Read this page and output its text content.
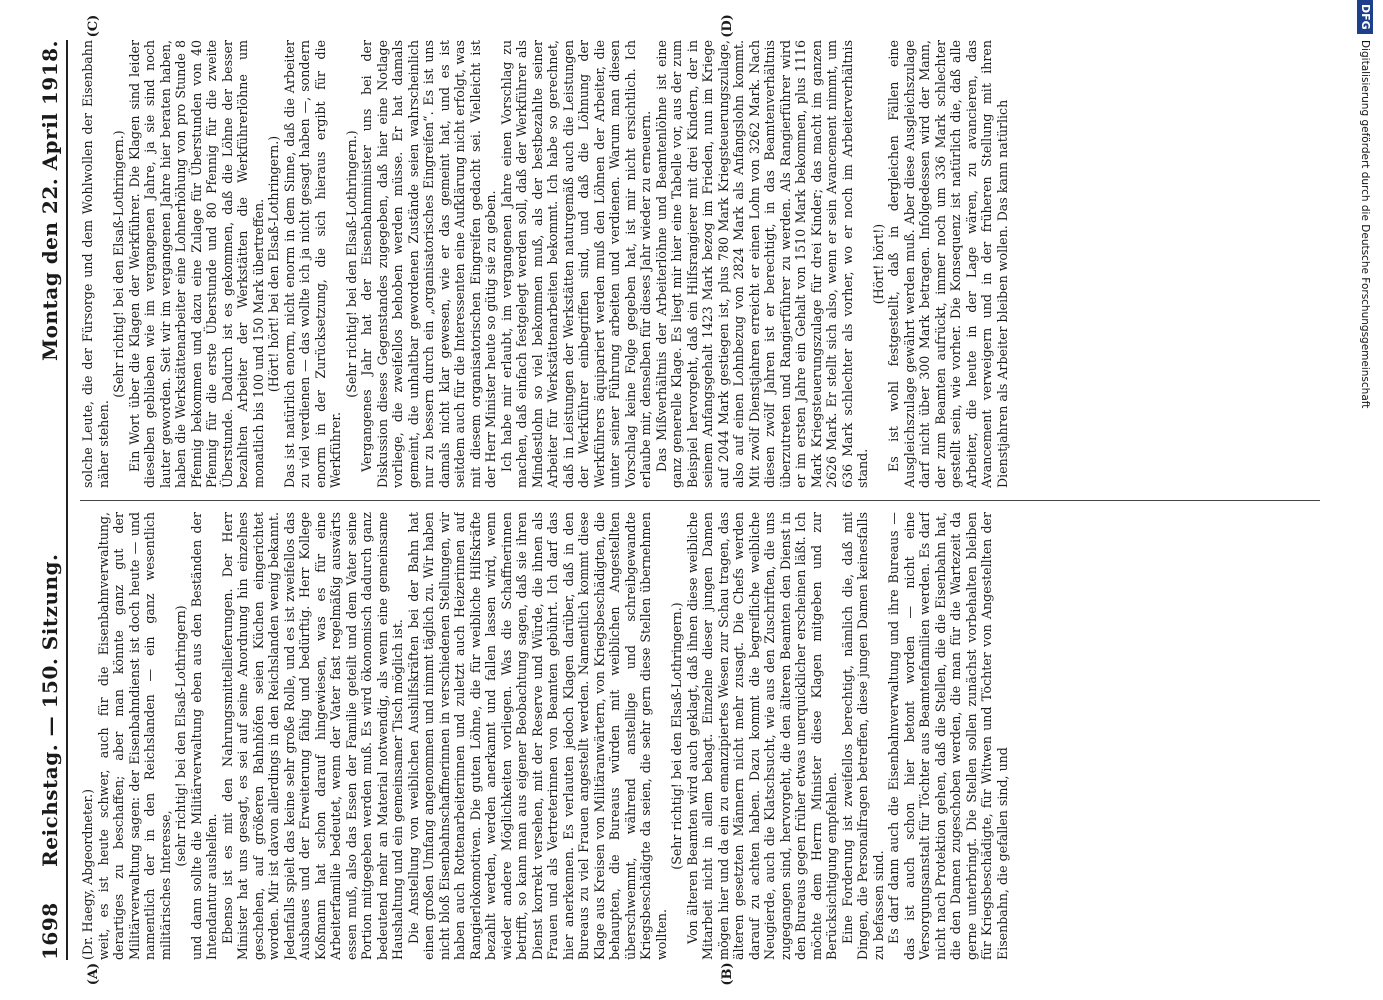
1698 Reichstag. — 150. Sitzung.
Montag den 22. April 1918.
(A)	(B)
(C)	(D)

(Dr. Haegy, Abgeordneter.) weit, es ist heute schwer, auch für die Eisenbahnverwaltung, derartiges zu beschaffen; aber man könnte ganz gut der Militärverwaltung sagen: der Eisenbahndienst ist doch heute — und namentlich der in den Reichslanden — ein ganz wesentlich militärisches Interesse,

(sehr richtig! bei den Elsaß-Lothringern) und dann sollte die Militärverwaltung eben aus den Beständen der Intendantur aushelfen. Ebenso ist es mit den Nahrungsmittellieferungen. Der Herr Minister hat uns gesagt, es sei auf seine Anordnung hin einzelnes geschehen, auf größeren Bahnhöfen seien Küchen eingerichtet worden. Mir ist davon allerdings in den Reichslanden wenig bekannt. Jedenfalls spielt das keine sehr große Rolle, und es ist zweifellos das Ausbaues und der Erweiterung fähig und bedürftig. Herr Kollege Koßmann hat schon darauf hingewiesen, was es für eine Arbeiterfamilie bedeutet, wenn der Vater fast regelmäßig auswärts essen muß, also das Essen der Familie geteilt und dem Vater seine Portion mitgegeben werden muß. Es wird ökonomisch dadurch ganz bedeutend mehr an Material notwendig, als wenn eine gemeinsame Haushaltung und ein gemeinsamer Tisch möglich ist. Die Anstellung von weiblichen Aushilfskräften bei der Bahn hat einen großen Umfang angenommen und nimmt täglich zu. Wir haben nicht bloß Eisenbahnschaffnerinnen in verschiedenen Stellungen, wir haben auch Rottenarbeiterinnen und zuletzt auch Heizerinnen auf Rangierlokomotiven. Die guten Löhne, die für weibliche Hilfskräfte bezahlt werden, werden anerkannt und fallen lassen wird, wenn wieder andere Möglichkeiten vorliegen. Was die Schaffnerinnen betrifft, so kann man aus eigener Beobachtung sagen, daß sie ihren Dienst korrekt versehen, mit der Reserve und Würde, die ihnen als Frauen und als Vertreterinnen von Beamten gebührt. Ich darf das hier anerkennen. Es verlauten jedoch Klagen darüber, daß in den Bureaus zu viel Frauen angestellt werden. Namentlich kommt diese Klage aus Kreisen von Militäranwärtern, von Kriegsbeschädigten, die behaupten, die Bureaus würden mit weiblichen Angestellten überschwemmt, während anstellige und schreibgewandte Kriegsbeschädigte da seien, die sehr gern diese Stellen übernehmen wollten.

(Sehr richtig! bei den Elsaß-Lothringern.) Von älteren Beamten wird auch geklagt, daß ihnen diese weibliche Mitarbeit nicht in allem behagt. Einzelne dieser jungen Damen mögen hier und da ein zu emanzipiertes Wesen zur Schau tragen, das älteren gesetzten Männern nicht mehr zusagt. Die Chefs werden darauf zu achten haben. Dazu kommt die begreifliche weibliche Neugierde, auch die Klatschsucht, wie aus den Zuschriften, die uns zugegangen sind, hervorgeht, die den älteren Beamten den Dienst in den Bureaus gegen früher etwas unerquicklicher erscheinen läßt. Ich möchte dem Herrn Minister diese Klagen mitgeben und zur Berücksichtigung empfehlen. Eine Forderung ist zweifellos berechtigt, nämlich die, daß mit Dingen, die Personalfragen betreffen, diese jungen Damen keinesfalls zu befassen sind. Es darf dann auch die Eisenbahnverwaltung und ihre Bureaus — das ist auch schon hier betont worden — nicht eine Versorgungsanstalt für Töchter aus Beamtenfamilien werden. Es darf nicht nach Protektion gehen, daß die Stellen, die die Eisenbahn hat, die den Damen zugeschoben werden, die man für die Wartezeit da gerne unterbringt. Die Stellen sollen zunächst vorbehalten bleiben für Kriegsbeschädigte, für Witwen und Töchter von Angestellten der Eisenbahn, die gefallen sind, und

solche Leute, die der Fürsorge und dem Wohlwollen der Eisenbahn näher stehen.

(Sehr richtig! bei den Elsaß-Lothringern.) Ein Wort über die Klagen der Werkführer. Die Klagen sind leider dieselben geblieben wie im vergangenen Jahre, ja sie sind noch lauter geworden. Seit wir im vergangenen Jahre hier beraten haben, haben die Werkstättenarbeiter eine Lohnerhöhung von pro Stunde 8 Pfennig bekommen und dazu eine Zulage für Überstunden von 40 Pfennig für die erste Überstunde und 80 Pfennig für die zweite Überstunde. Dadurch ist es gekommen, daß die Löhne der besser bezahlten Arbeiter der Werkstätten die Werkführerlöhne um monatlich bis 100 und 150 Mark übertreffen. (Hört! hört! bei den Elsaß-Lothringern.) Das ist natürlich enorm, nicht enorm in dem Sinne, daß die Arbeiter zu viel verdienen — das wollte ich ja nicht gesagt haben —, sondern enorm in der Zurücksetzung, die sich hieraus ergibt für die Werkführer.

(Sehr richtig! bei den Elsaß-Lothringern.) Vergangenes Jahr hat der Eisenbahnminister uns bei der Diskussion dieses Gegenstandes zugegeben, daß hier eine Notlage vorliege, die zweifellos behoben werden müsse. Er hat damals gemeint, die unhaltbar gewordenen Zustände seien wahrscheinlich nur zu bessern durch ein „organisatorisches Eingreifen“. Es ist uns damals nicht klar gewesen, wie er das gemeint hat, und es ist seitdem auch für die Interessenten eine Aufklärung nicht erfolgt, was mit diesem organisatorischen Eingreifen gedacht sei. Vielleicht ist der Herr Minister heute so gütig sie zu geben. Ich habe mir erlaubt, im vergangenen Jahre einen Vorschlag zu machen, daß einfach festgelegt werden soll, daß der Werkführer als Mindestlohn so viel bekommen muß, als der bestbezahlte seiner Arbeiter für Werkstättenarbeiten bekommt. Ich habe so gerechnet, daß in Leistungen der Werkstätten naturgemäß auch die Leistungen der Werkführer einbegriffen sind, und daß die Löhnung der Werkführers äquipariert werden muß den Löhnen der Arbeiter, die unter seiner Führung arbeiten und verdienen. Warum man diesen Vorschlag keine Folge gegeben hat, ist mir nicht ersichtlich. Ich erlaube mir, denselben für dieses Jahr wieder zu erneuern. Das Mißverhältnis der Arbeiterlöhne und Beamtenlöhne ist eine ganz generelle Klage. Es liegt mir hier eine Tabelle vor, aus der zum Beispiel hervorgeht, daß ein Hilfsrangierer mit drei Kindern, der in seinem Anfangsgehalt 1423 Mark bezog im Frieden, nun im Kriege auf 2044 Mark gestiegen ist, plus 780 Mark Kriegsteuerungszulage, also auf einen Lohnbezug von 2824 Mark als Anfangslohn kommt. Mit zwölf Dienstjahren erreicht er einen Lohn von 3262 Mark. Nach diesen zwölf Jahren ist er berechtigt, in das Beamtenverhältnis überzutreten und Rangierführer zu werden. Als Rangierführer wird er im ersten Jahre ein Gehalt von 1510 Mark bekommen, plus 1116 Mark Kriegsteuerungszulage für drei Kinder; das macht im ganzen 2626 Mark. Er stellt sich also, wenn er sein Avancement nimmt, um 636 Mark schlechter als vorher, wo er noch im Arbeiterverhältnis stand.

(Hört! hört!) Es ist wohl festgestellt, daß in dergleichen Fällen eine Ausgleichszulage gewährt werden muß. Aber diese Ausgleichszulage darf nicht über 300 Mark betragen. Infolgedessen wird der Mann, der zum Beamten aufrückt, immer noch um 336 Mark schlechter gestellt sein, wie vorher. Die Konsequenz ist natürlich die, daß alle Arbeiter, die heute in der Lage wären, zu avancieren, das Avancement verweigern und in der früheren Stellung mit ihren Dienstjahren als Arbeiter bleiben wollen. Das kann natürlich

DFG
Digitalisierung gefördert durch die Deutsche Forschungsgemeinschaft
